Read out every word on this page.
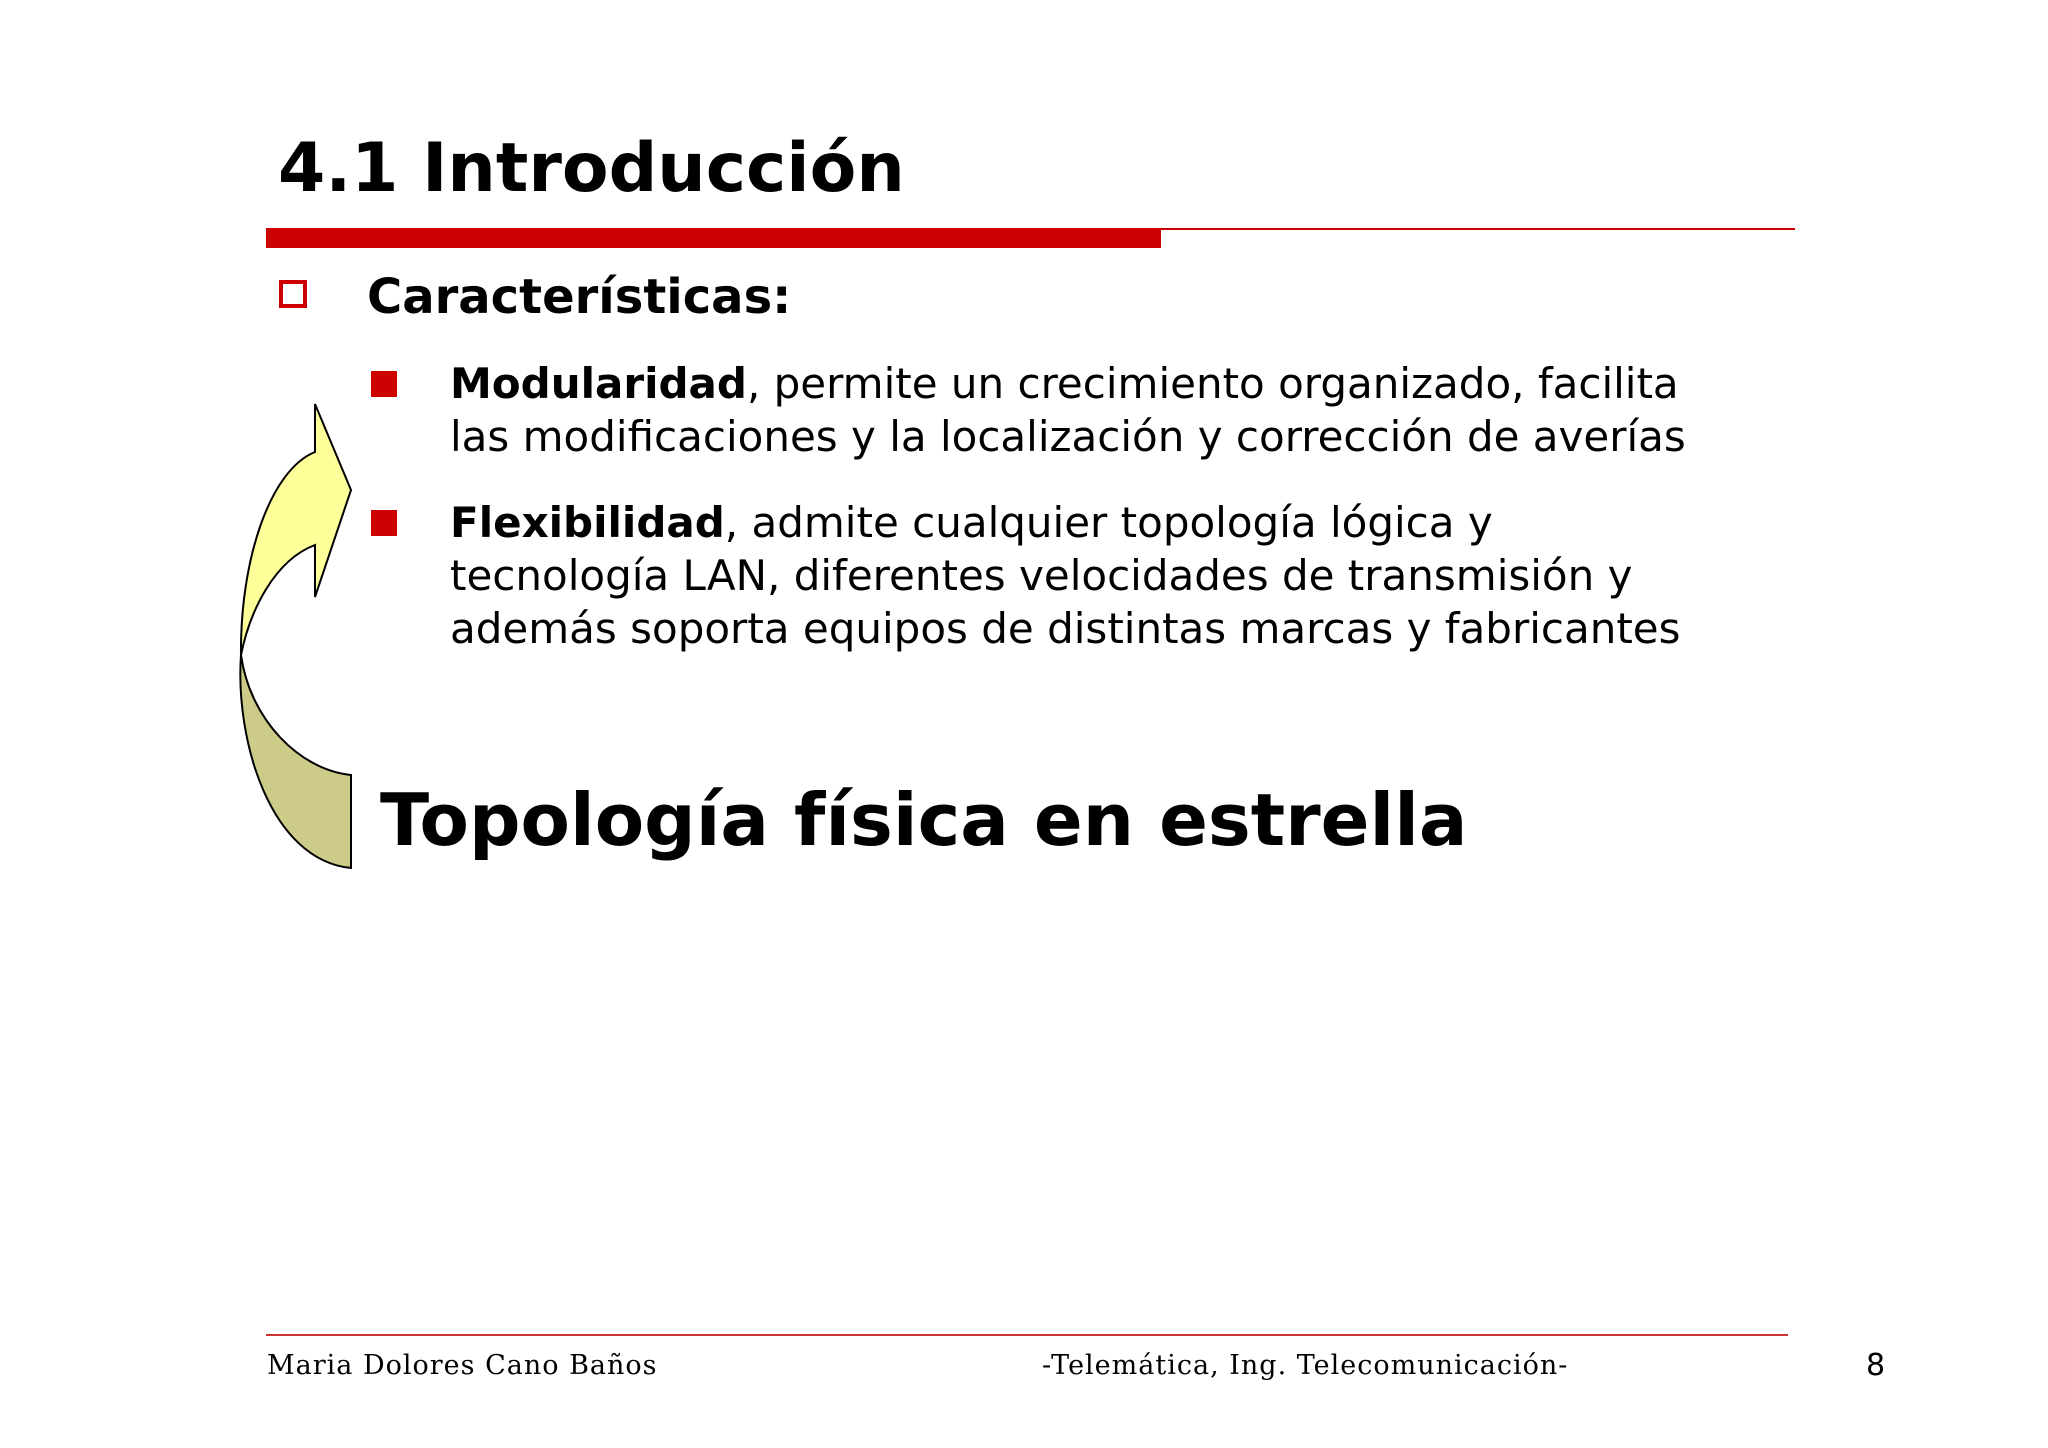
4.1 Introducción
Características:
Modularidad, permite un crecimiento organizado, facilita
las modificaciones y la localización y corrección de averías
Flexibilidad, admite cualquier topología lógica y
tecnología LAN, diferentes velocidades de transmisión y
además soporta equipos de distintas marcas y fabricantes
Topología física en estrella
Maria Dolores Cano Baños	-Telemática, Ing. Telecomunicación-	8
